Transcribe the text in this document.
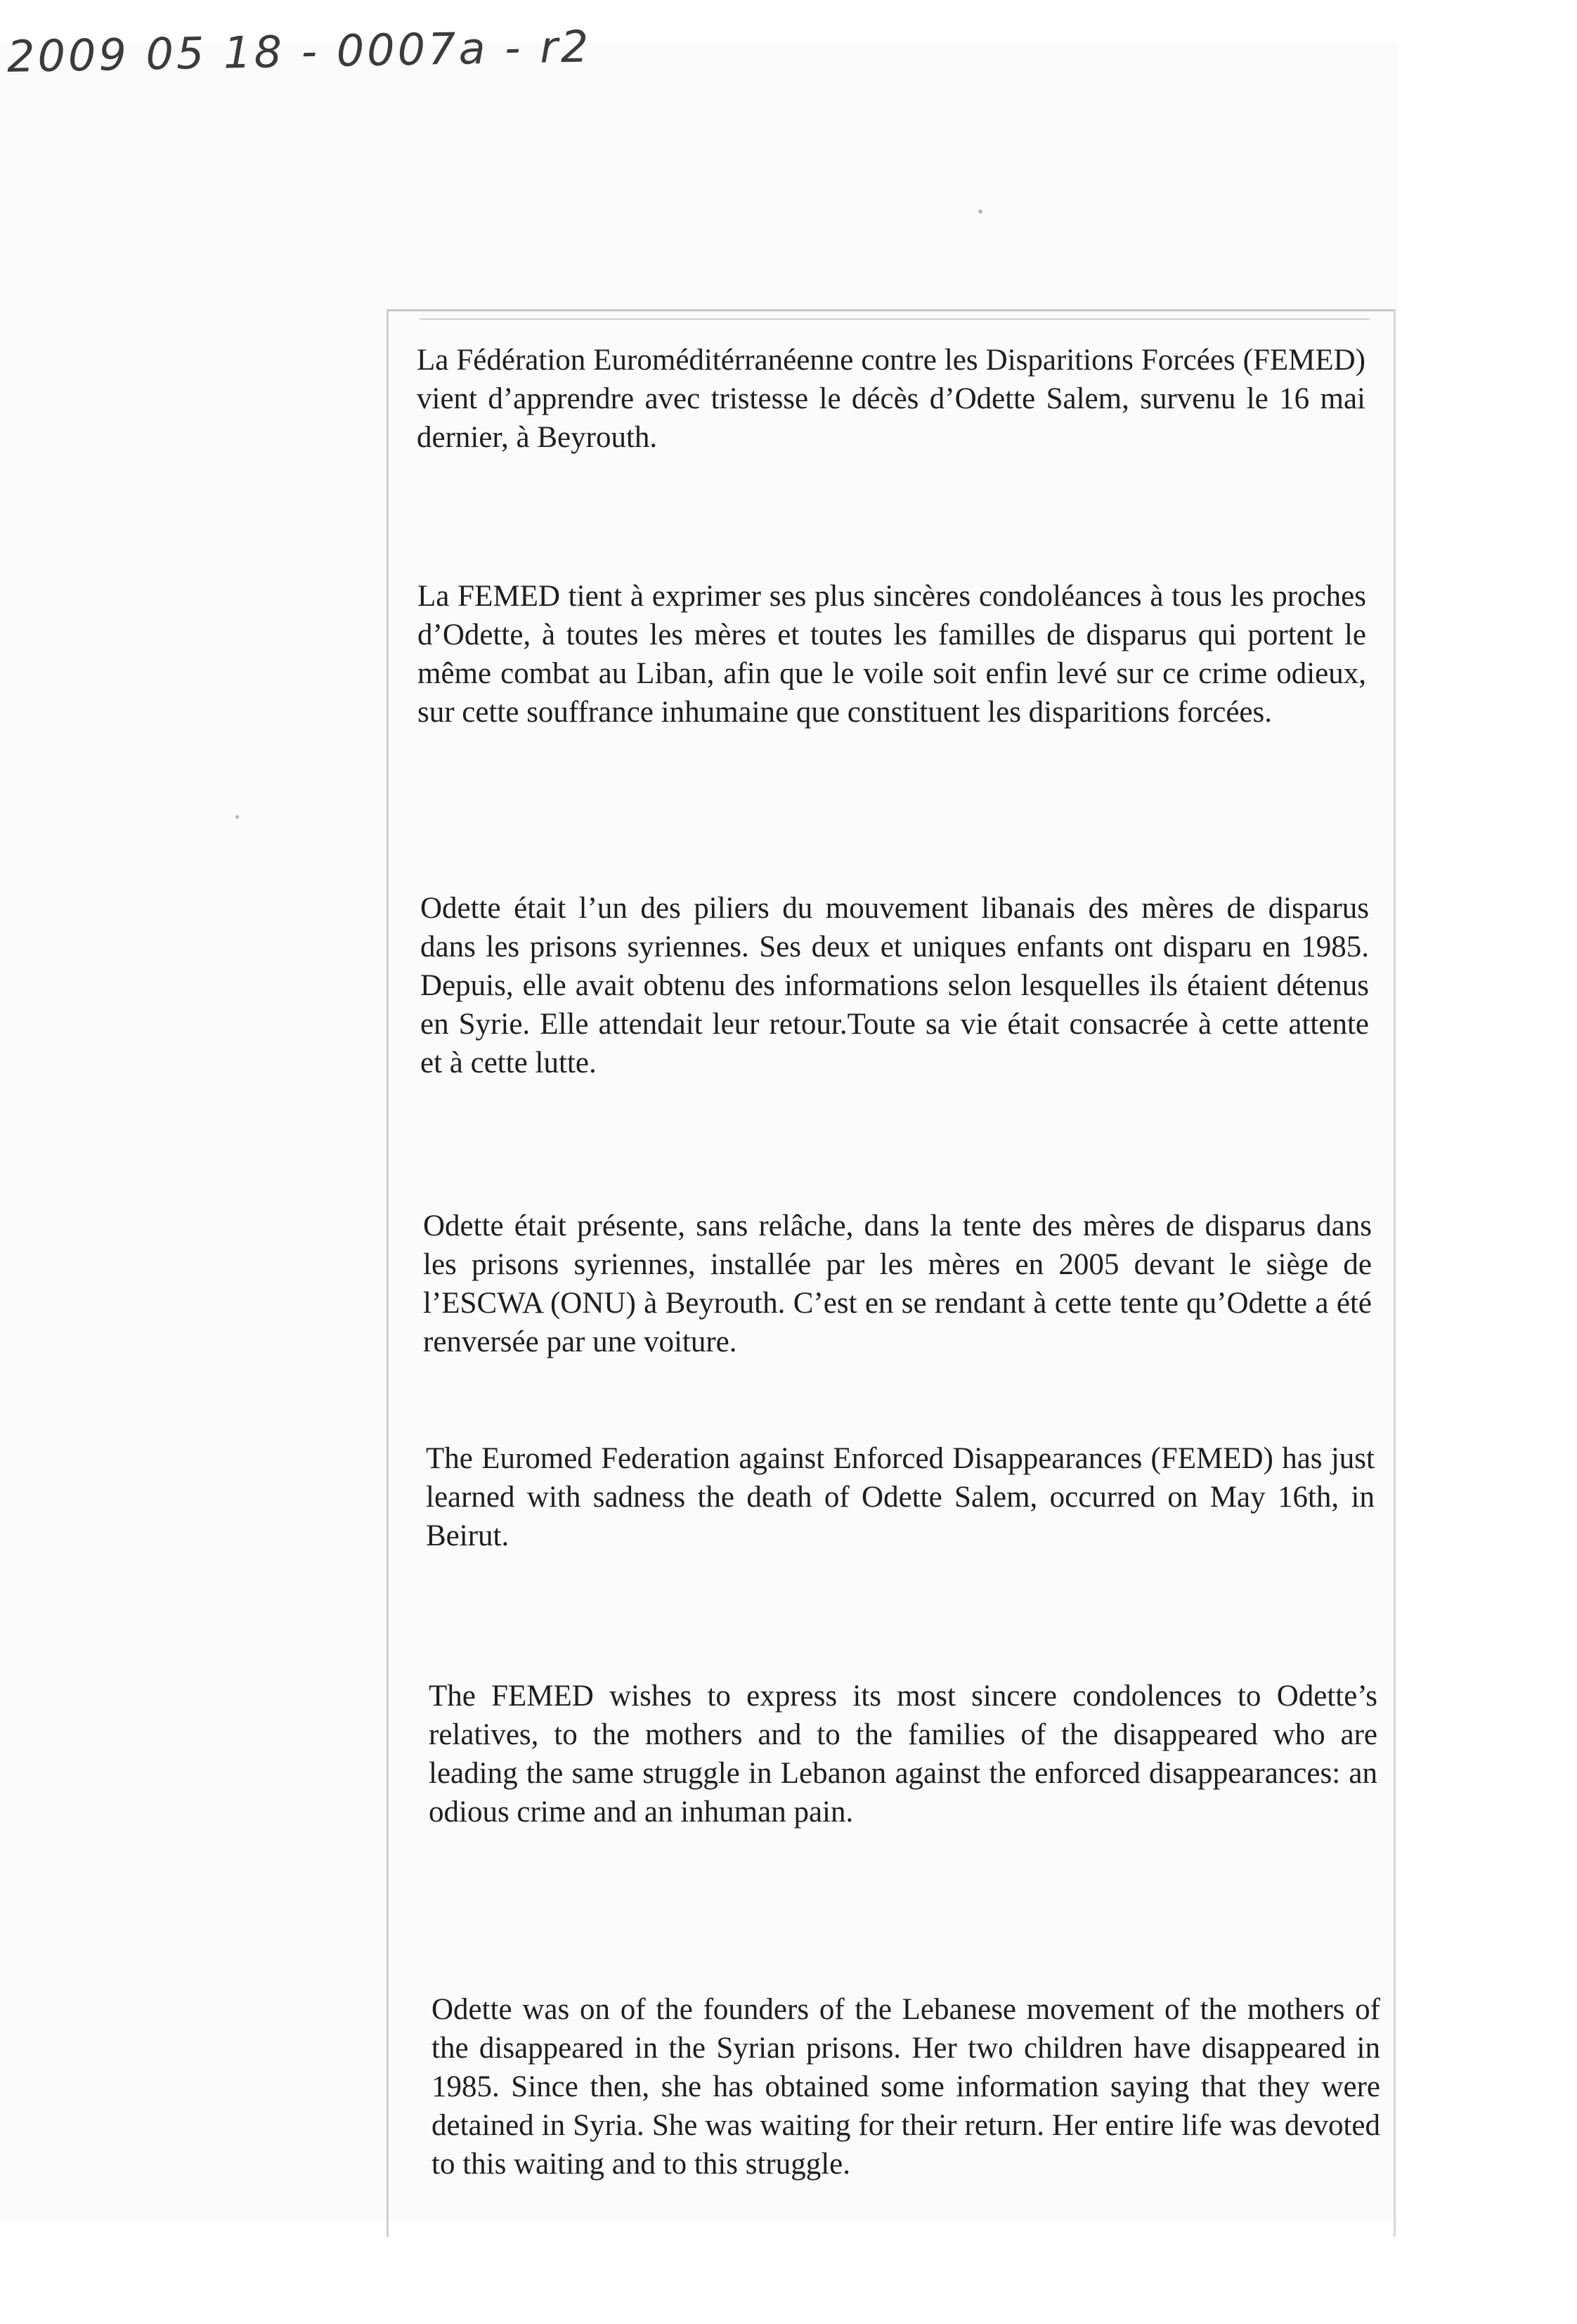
2009 05 18 - 0007a - r2

La Fédération Euroméditérranéenne contre les Disparitions Forcées (FEMED) vient d’apprendre avec tristesse le décès d’Odette Salem, survenu le 16 mai dernier, à Beyrouth.

La FEMED tient à exprimer ses plus sincères condoléances à tous les proches d’Odette, à toutes les mères et toutes les familles de disparus qui portent le même combat au Liban, afin que le voile soit enfin levé sur ce crime odieux, sur cette souffrance inhumaine que constituent les disparitions forcées.

Odette était l’un des piliers du mouvement libanais des mères de disparus dans les prisons syriennes. Ses deux et uniques enfants ont disparu en 1985. Depuis, elle avait obtenu des informations selon lesquelles ils étaient détenus en Syrie. Elle attendait leur retour.Toute sa vie était consacrée à cette attente et à cette lutte.

Odette était présente, sans relâche, dans la tente des mères de disparus dans les prisons syriennes, installée par les mères en 2005 devant le siège de l’ESCWA (ONU) à Beyrouth. C’est en se rendant à cette tente qu’Odette a été renversée par une voiture.

The Euromed Federation against Enforced Disappearances (FEMED) has just learned with sadness the death of Odette Salem, occurred on May 16th, in Beirut.

The FEMED wishes to express its most sincere condolences to Odette’s relatives, to the mothers and to the families of the disappeared who are leading the same struggle in Lebanon against the enforced disappearances: an odious crime and an inhuman pain.

Odette was on of the founders of the Lebanese movement of the mothers of the disappeared in the Syrian prisons. Her two children have disappeared in 1985. Since then, she has obtained some information saying that they were detained in Syria. She was waiting for their return. Her entire life was devoted to this waiting and to this struggle.
